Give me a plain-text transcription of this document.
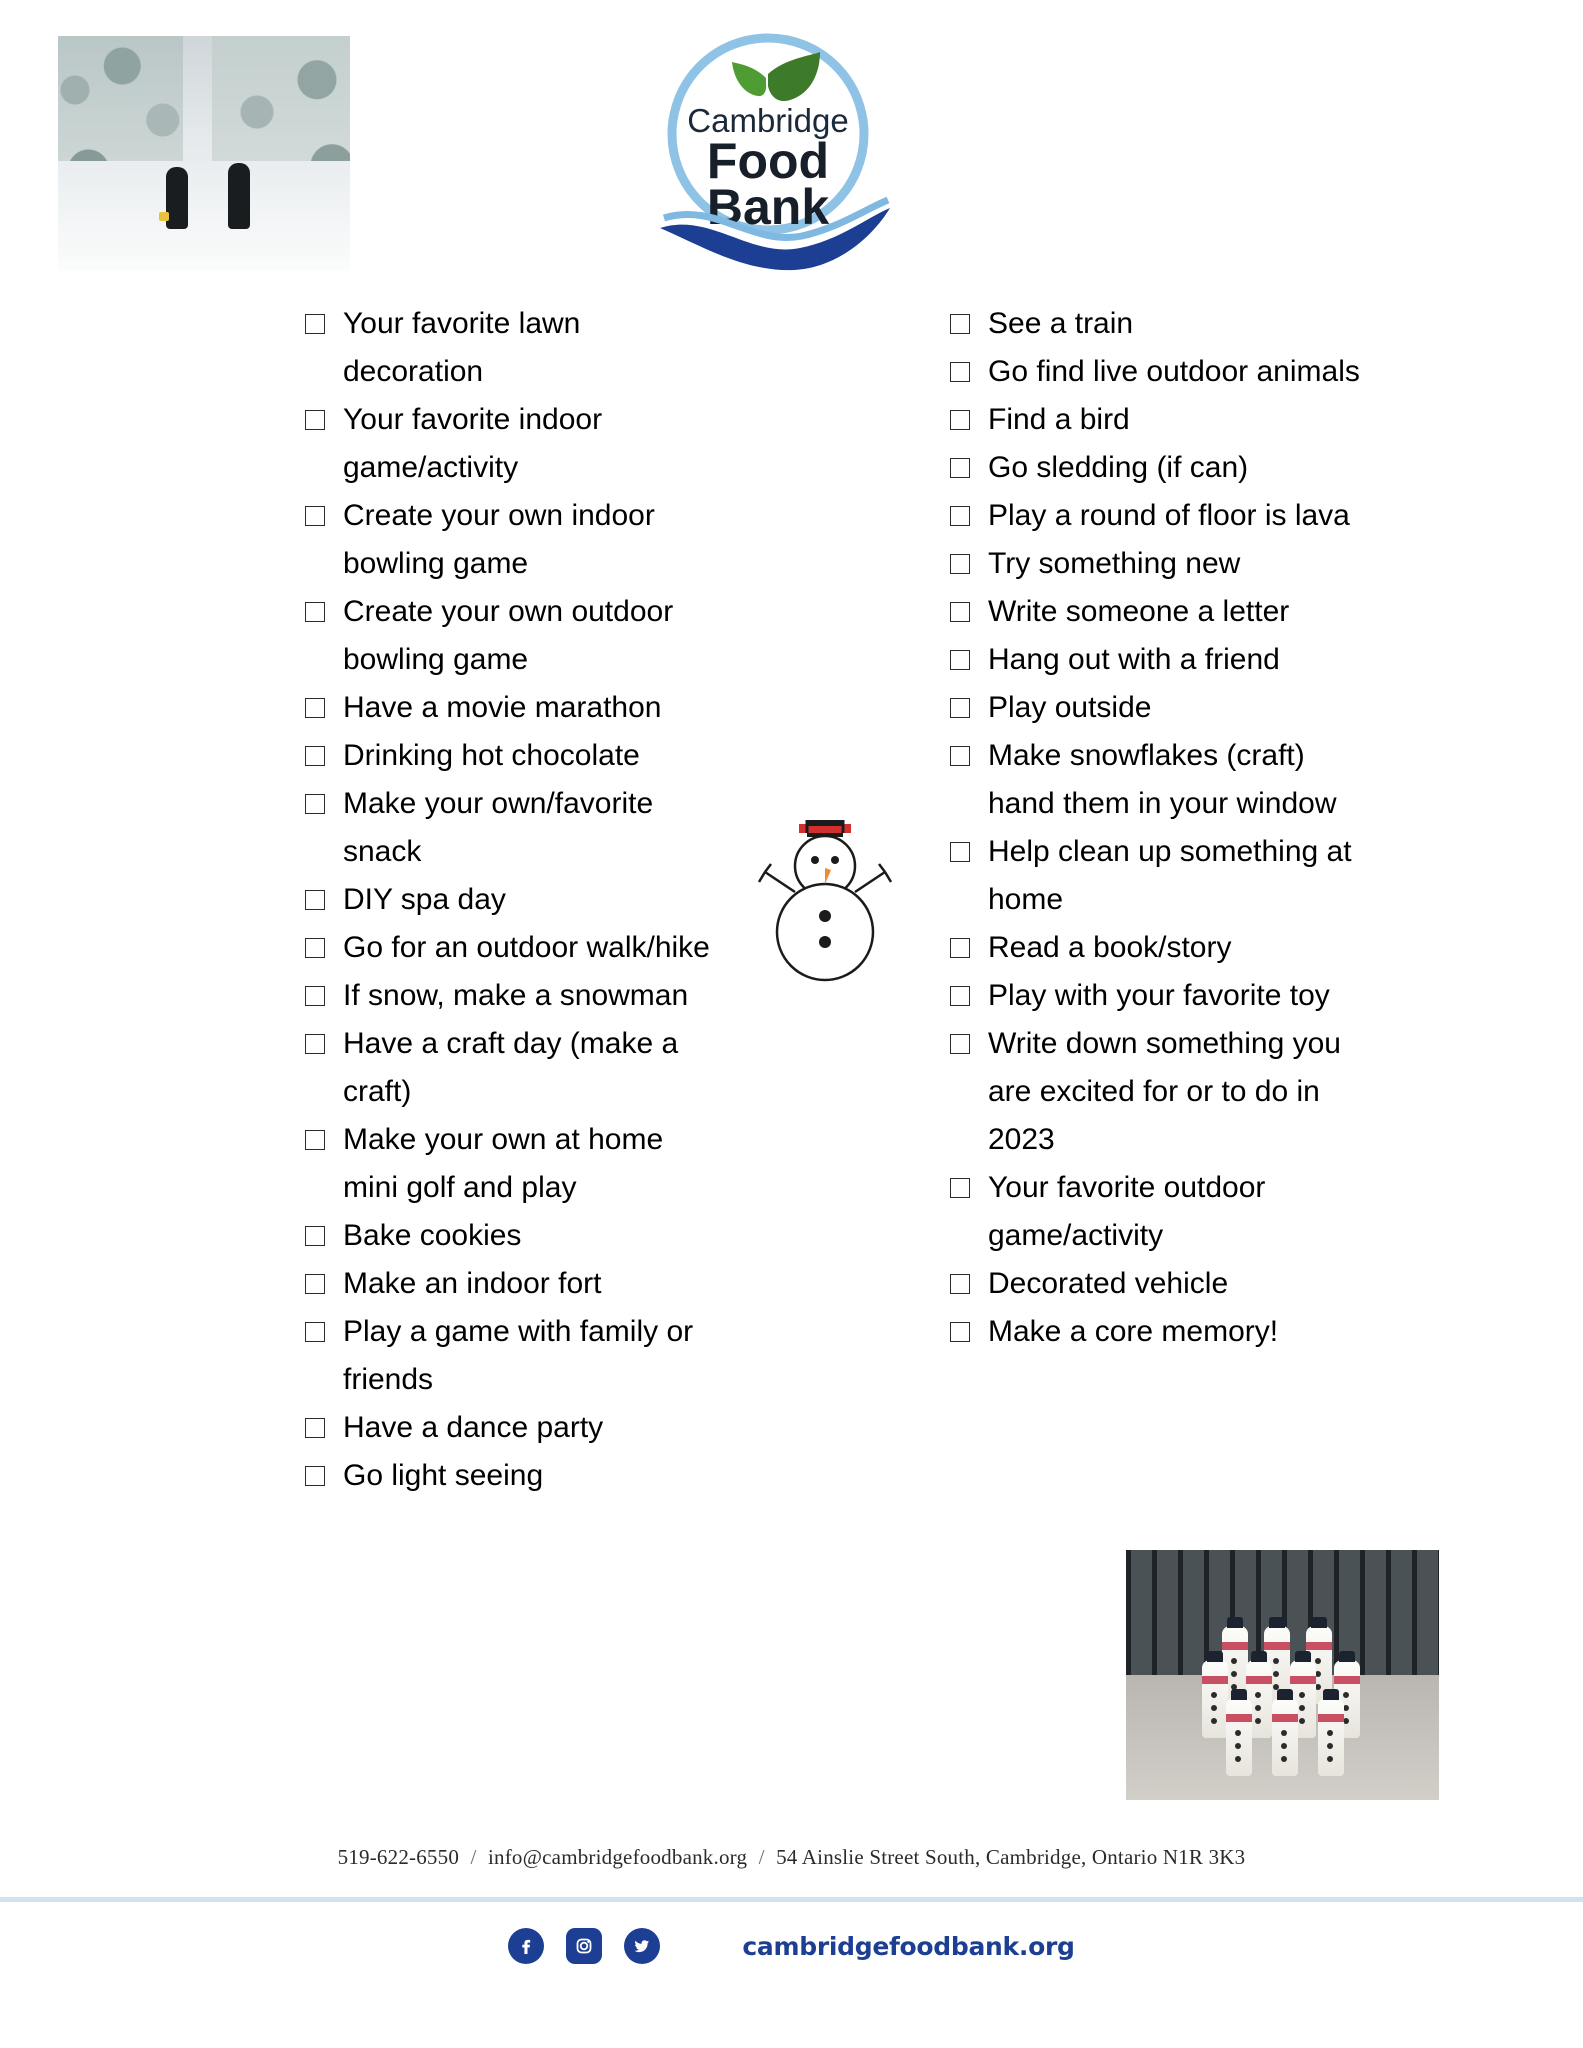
Cambridge
Food
Bank
Your favorite lawn decoration
Your favorite indoor game/activity
Create your own indoor bowling game
Create your own outdoor bowling game
Have a movie marathon
Drinking hot chocolate
Make your own/favorite snack
DIY spa day
Go for an outdoor walk/hike
If snow, make a snowman
Have a craft day (make a craft)
Make your own at home mini golf and play
Bake cookies
Make an indoor fort
Play a game with family or friends
Have a dance party
Go light seeing
See a train
Go find live outdoor animals
Find a bird
Go sledding (if can)
Play a round of floor is lava
Try something new
Write someone a letter
Hang out with a friend
Play outside
Make snowflakes (craft) hand them in your window
Help clean up something at home
Read a book/story
Play with your favorite toy
Write down something you are excited for or to do in 2023
Your favorite outdoor game/activity
Decorated vehicle
Make a core memory!
519-622-6550 / info@cambridgefoodbank.org / 54 Ainslie Street South, Cambridge, Ontario N1R 3K3
cambridgefoodbank.org
